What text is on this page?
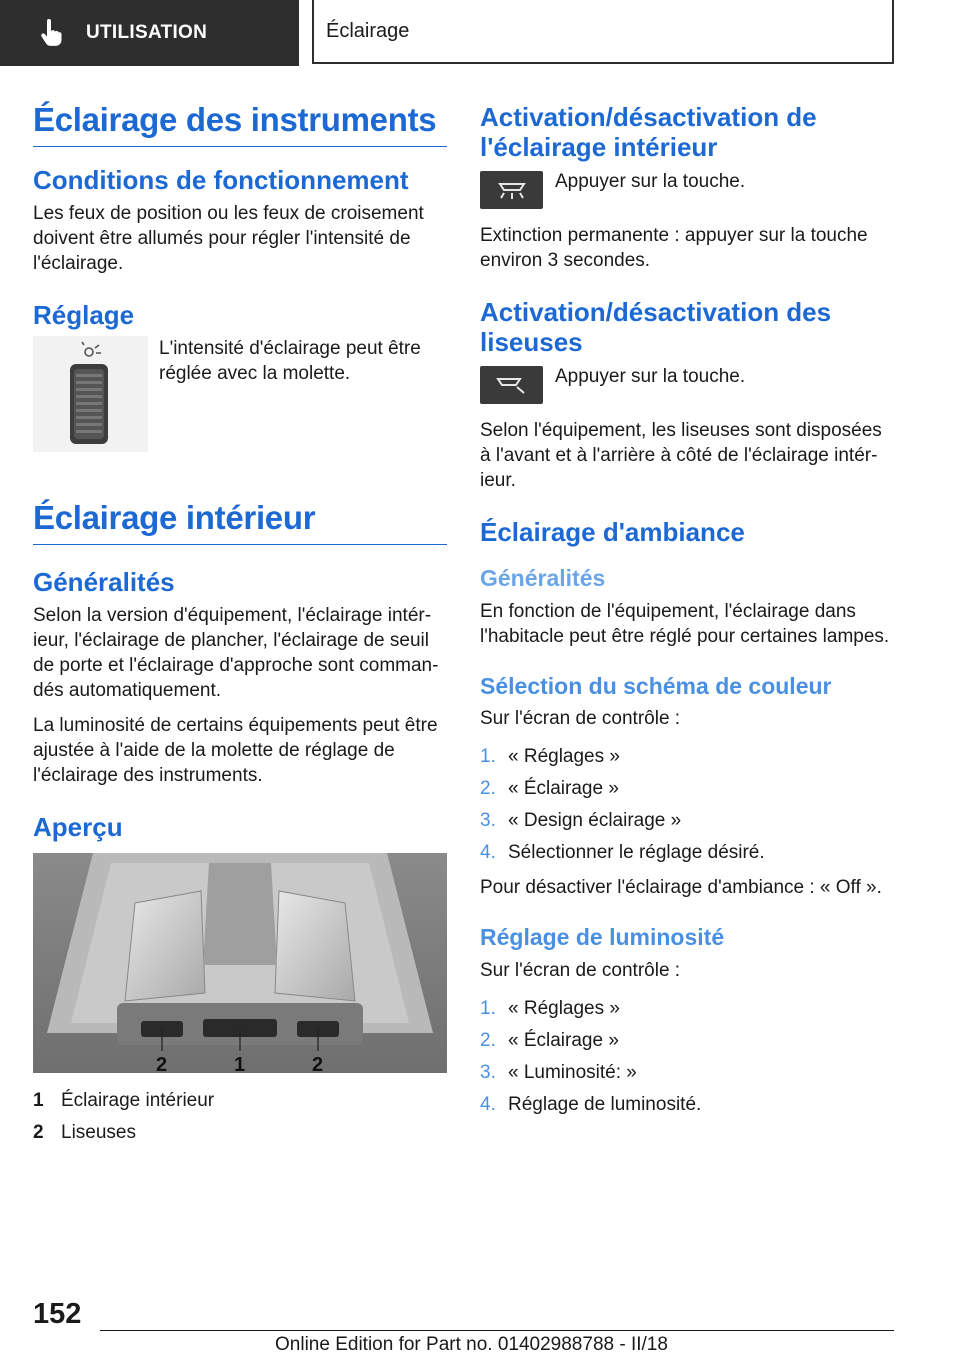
UTILISATION	Éclairage
Éclairage des instruments
Conditions de fonctionnement

Les feux de position ou les feux de croisement doivent être allumés pour régler l'intensité de l'éclairage.

Réglage

L'intensité d'éclairage peut être réglée avec la molette.

Éclairage intérieur
Généralités

Selon la version d'équipement, l'éclairage intérieur, l'éclairage de plancher, l'éclairage de seuil de porte et l'éclairage d'approche sont commandés automatiquement.

La luminosité de certains équipements peut être ajustée à l'aide de la molette de réglage de l'éclairage des instruments.

Aperçu
2	1	2
1 Éclairage intérieur
2 Liseuses
Activation/désactivation de l'éclairage intérieur

Appuyer sur la touche.

Extinction permanente : appuyer sur la touche environ 3 secondes.

Activation/désactivation des liseuses

Appuyer sur la touche.

Selon l'équipement, les liseuses sont disposées à l'avant et à l'arrière à côté de l'éclairage intérieur.

Éclairage d'ambiance
Généralités

En fonction de l'équipement, l'éclairage dans l'habitacle peut être réglé pour certaines lampes.

Sélection du schéma de couleur

Sur l'écran de contrôle :

1. « Réglages »
2. « Éclairage »
3. « Design éclairage »
4. Sélectionner le réglage désiré.

Pour désactiver l'éclairage d'ambiance : « Off ».

Réglage de luminosité

Sur l'écran de contrôle :

1. « Réglages »
2. « Éclairage »
3. « Luminosité: »
4. Réglage de luminosité.
152
Online Edition for Part no. 01402988788 - II/18
